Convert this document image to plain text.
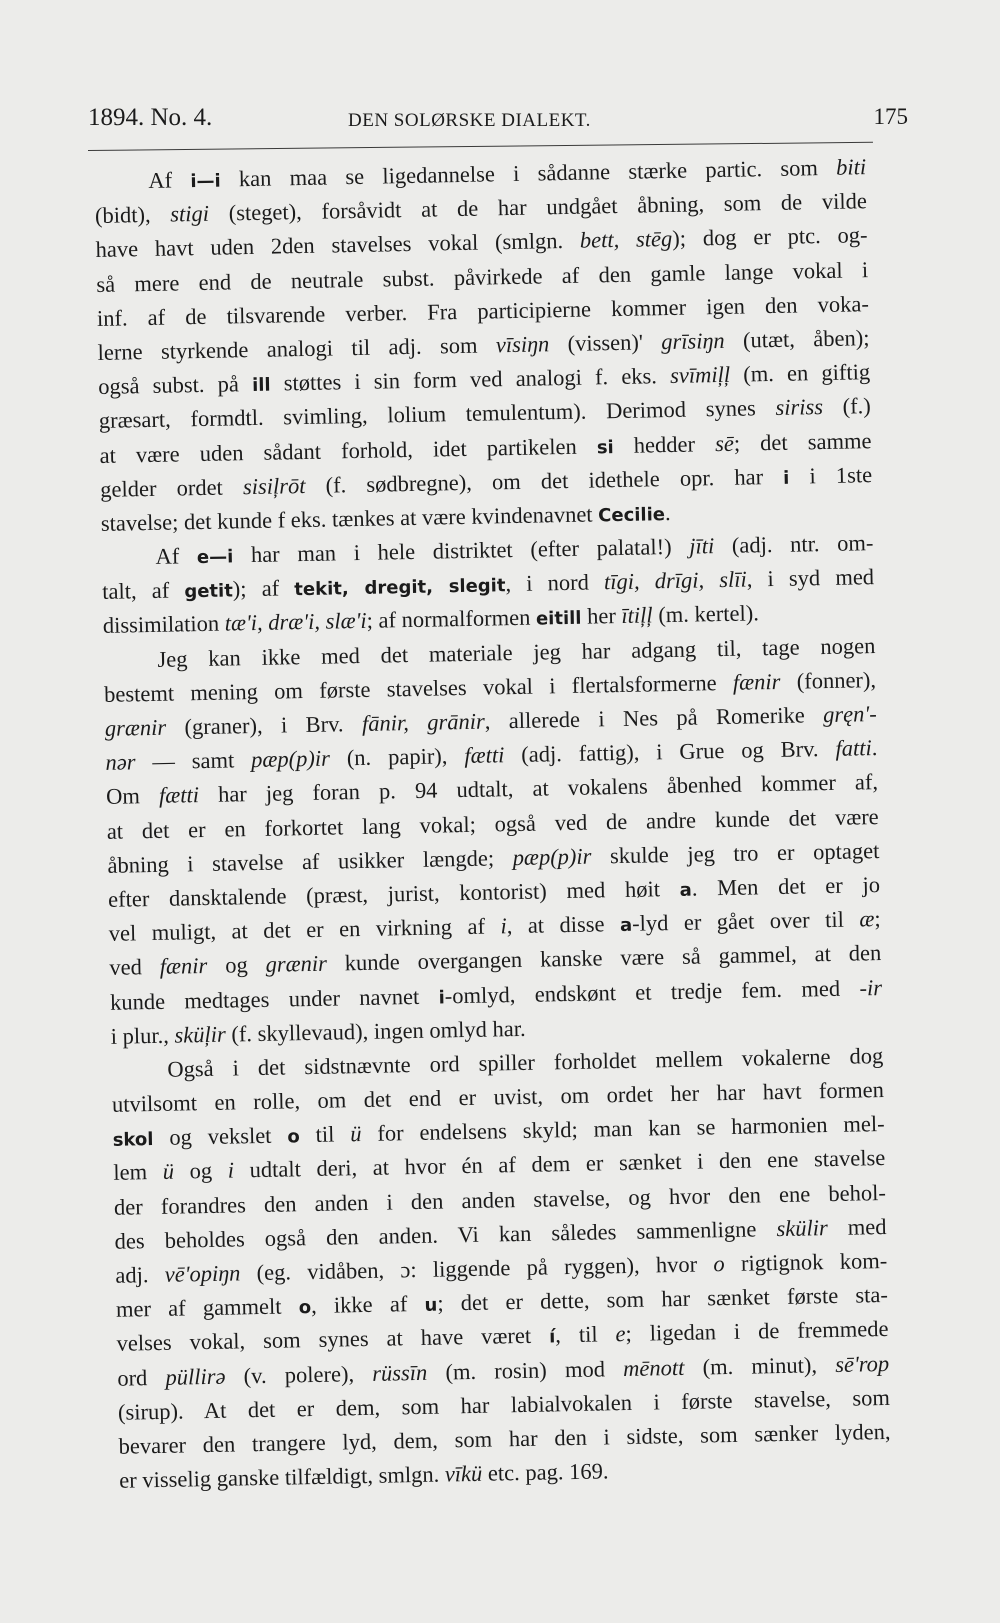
1894. No. 4.	DEN SOLØRSKE DIALEKT.	175
Af i—i kan maa se ligedannelse i sådanne stærke partic. som biti
(bidt), stigi (steget), forsåvidt at de har undgået åbning, som de vilde
have havt uden 2den stavelses vokal (smlgn. bett, stēg); dog er ptc. og-
så mere end de neutrale subst. påvirkede af den gamle lange vokal i
inf. af de tilsvarende verber. Fra participierne kommer igen den voka-
lerne styrkende analogi til adj. som vīsiŋn (vissen)' grīsiŋn (utæt, åben);
også subst. på ill støttes i sin form ved analogi f. eks. svīmiļļ (m. en giftig
græsart, formdtl. svimling, lolium temulentum). Derimod synes siriss (f.)
at være uden sådant forhold, idet partikelen si hedder sē; det samme
gelder ordet sisiļrōt (f. sødbregne), om det idethele opr. har i i 1ste
stavelse; det kunde f eks. tænkes at være kvindenavnet Cecilie.
Af e—i har man i hele distriktet (efter palatal!) jīti (adj. ntr. om-
talt, af getit); af tekit, dregit, slegit, i nord tīgi, drīgi, slīi, i syd med
dissimilation tæ'i, dræ'i, slæ'i; af normalformen eitill her ītiļļ (m. kertel).
Jeg kan ikke med det materiale jeg har adgang til, tage nogen
bestemt mening om første stavelses vokal i flertalsformerne fænir (fonner),
grænir (graner), i Brv. fānir, grānir, allerede i Nes på Romerike gręn'-
nər — samt pæp(p)ir (n. papir), fætti (adj. fattig), i Grue og Brv. fatti.
Om fætti har jeg foran p. 94 udtalt, at vokalens åbenhed kommer af,
at det er en forkortet lang vokal; også ved de andre kunde det være
åbning i stavelse af usikker længde; pæp(p)ir skulde jeg tro er optaget
efter dansktalende (præst, jurist, kontorist) med høit a. Men det er jo
vel muligt, at det er en virkning af i, at disse a-lyd er gået over til æ;
ved fænir og grænir kunde overgangen kanske være så gammel, at den
kunde medtages under navnet i-omlyd, endskønt et tredje fem. med -ir
i plur., sküļir (f. skyllevaud), ingen omlyd har.
Også i det sidstnævnte ord spiller forholdet mellem vokalerne dog
utvilsomt en rolle, om det end er uvist, om ordet her har havt formen
skol og vekslet o til ü for endelsens skyld; man kan se harmonien mel-
lem ü og i udtalt deri, at hvor én af dem er sænket i den ene stavelse
der forandres den anden i den anden stavelse, og hvor den ene behol-
des beholdes også den anden. Vi kan således sammenligne skülir med
adj. vē'opiŋn (eg. vidåben, ɔ: liggende på ryggen), hvor o rigtignok kom-
mer af gammelt o, ikke af u; det er dette, som har sænket første sta-
velses vokal, som synes at have været í, til e; ligedan i de fremmede
ord püllirə (v. polere), rüssīn (m. rosin) mod mēnott (m. minut), sē'rop
(sirup). At det er dem, som har labialvokalen i første stavelse, som
bevarer den trangere lyd, dem, som har den i sidste, som sænker lyden,
er visselig ganske tilfældigt, smlgn. vīkü etc. pag. 169.
